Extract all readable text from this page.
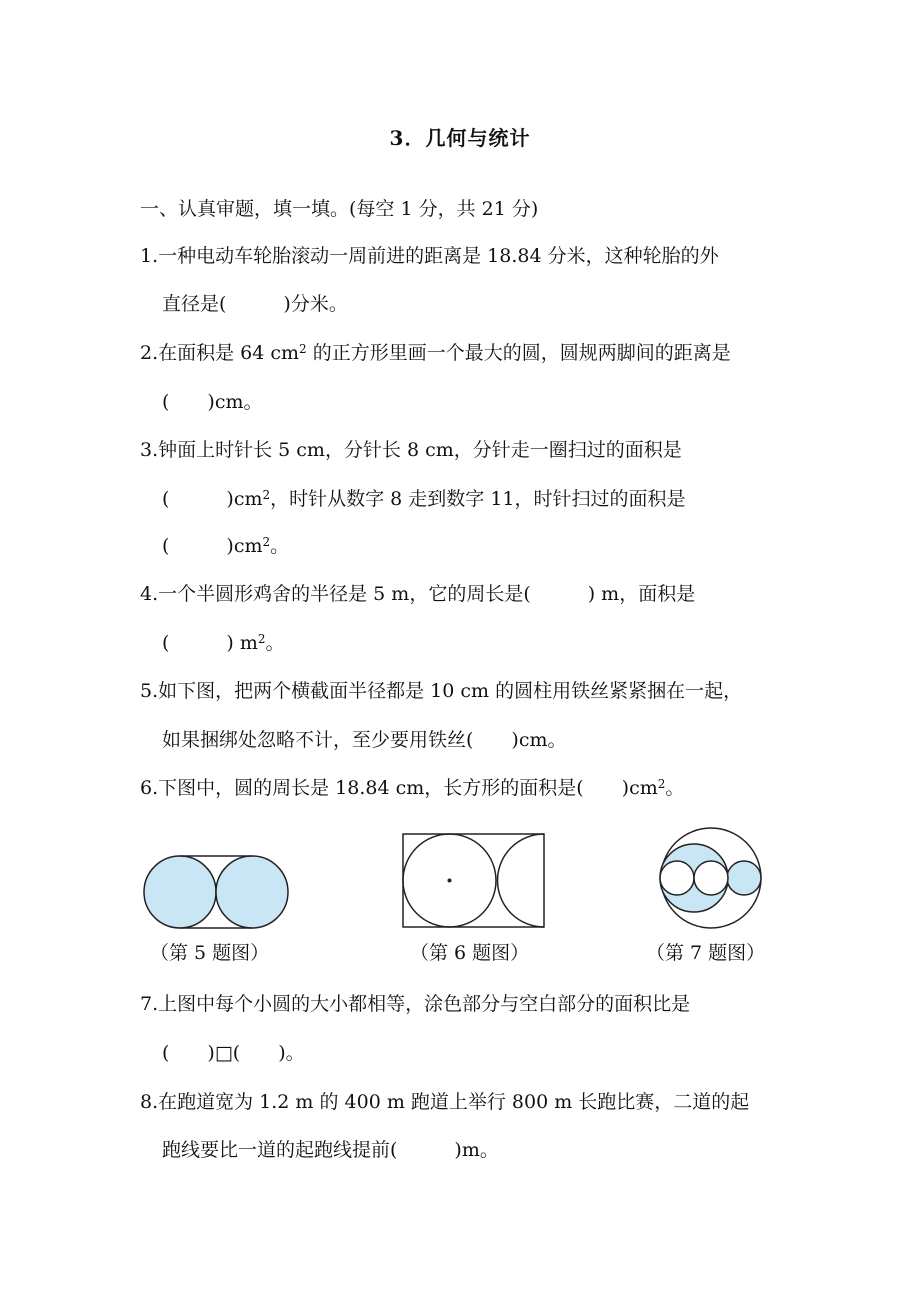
3．几何与统计
一、认真审题，填一填。(每空 1 分，共 21 分)
1.一种电动车轮胎滚动一周前进的距离是 18.84 分米，这种轮胎的外
直径是(　　　)分米。
2.在面积是 64 $cm^2$ 的正方形里画一个最大的圆，圆规两脚间的距离是
(　　)cm。
3.钟面上时针长 5 cm，分针长 8 cm，分针走一圈扫过的面积是
(　　　)$cm^2$，时针从数字 8 走到数字 11，时针扫过的面积是
(　　　)$cm^2$。
4.一个半圆形鸡舍的半径是 5 m，它的周长是(　　　) m，面积是
(　　　) $m^2$。
5.如下图，把两个横截面半径都是 10 cm 的圆柱用铁丝紧紧捆在一起，
如果捆绑处忽略不计，至少要用铁丝(　　)cm。
6.下图中，圆的周长是 18.84 cm，长方形的面积是(　　)$cm^2$。
（第 5 题图）	（第 6 题图）	（第 7 题图）
7.上图中每个小圆的大小都相等，涂色部分与空白部分的面积比是
(　　)□(　　)。
8.在跑道宽为 1.2 m 的 400 m 跑道上举行 800 m 长跑比赛，二道的起
跑线要比一道的起跑线提前(　　　)m。
